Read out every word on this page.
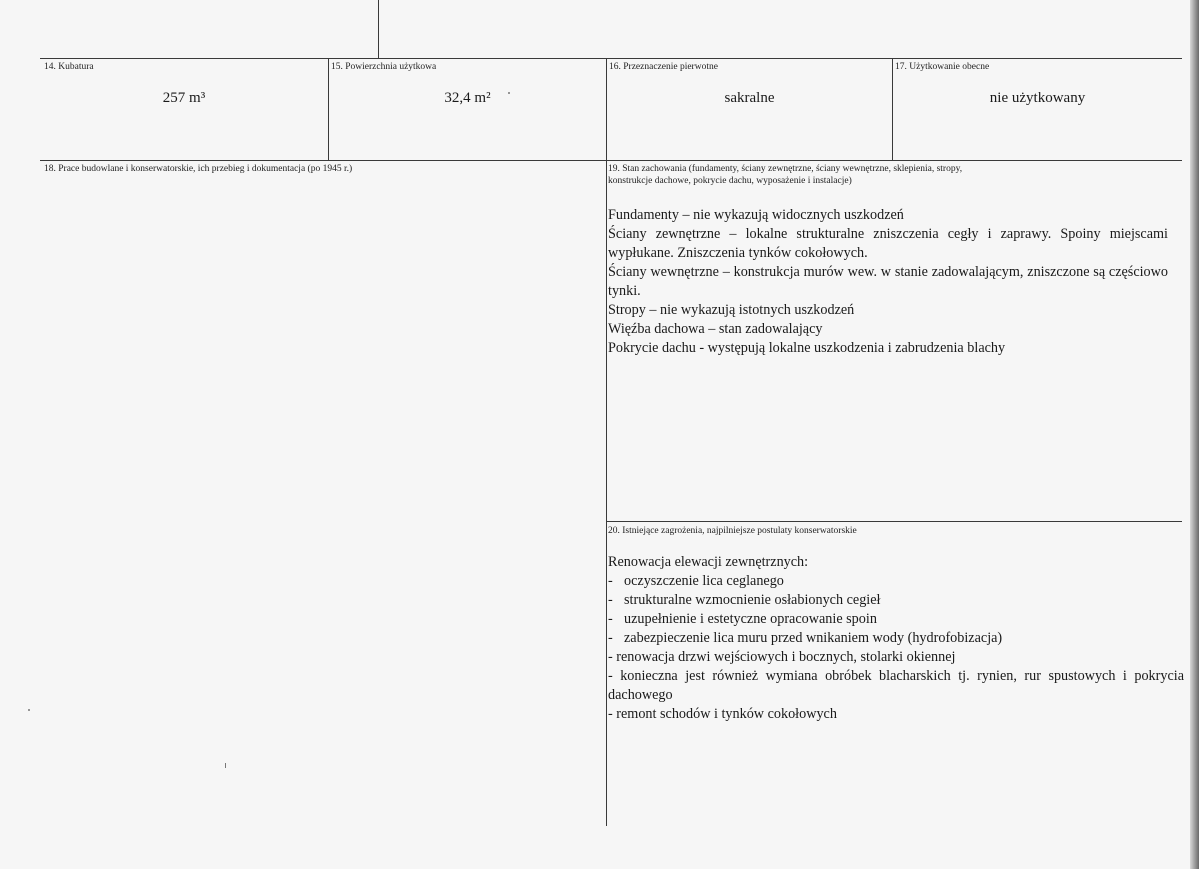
14. Kubatura
257 m³
15. Powierzchnia użytkowa
32,4 m²
16. Przeznaczenie pierwotne
sakralne
17. Użytkowanie obecne
nie użytkowany
18. Prace budowlane i konserwatorskie, ich przebieg i dokumentacja (po 1945 r.)	19. Stan zachowania (fundamenty, ściany zewnętrzne, ściany wewnętrzne, sklepienia, stropy,
konstrukcje dachowe, pokrycie dachu, wyposażenie i instalacje)
Fundamenty – nie wykazują widocznych uszkodzeń
Ściany zewnętrzne – lokalne strukturalne zniszczenia cegły i zaprawy. Spoiny miejscami wypłukane. Zniszczenia tynków cokołowych.
Ściany wewnętrzne – konstrukcja murów wew. w stanie zadowalającym, zniszczone są częściowo tynki.
Stropy – nie wykazują istotnych uszkodzeń
Więźba dachowa – stan zadowalający
Pokrycie dachu - występują lokalne uszkodzenia i zabrudzenia blachy
20. Istniejące zagrożenia, najpilniejsze postulaty konserwatorskie
Renowacja elewacji zewnętrznych:
- oczyszczenie lica ceglanego
- strukturalne wzmocnienie osłabionych cegieł
- uzupełnienie i estetyczne opracowanie spoin
- zabezpieczenie lica muru przed wnikaniem wody (hydrofobizacja)
- renowacja drzwi wejściowych i bocznych, stolarki okiennej
- konieczna jest również wymiana obróbek blacharskich tj. rynien, rur spustowych i pokrycia dachowego
- remont schodów i tynków cokołowych
